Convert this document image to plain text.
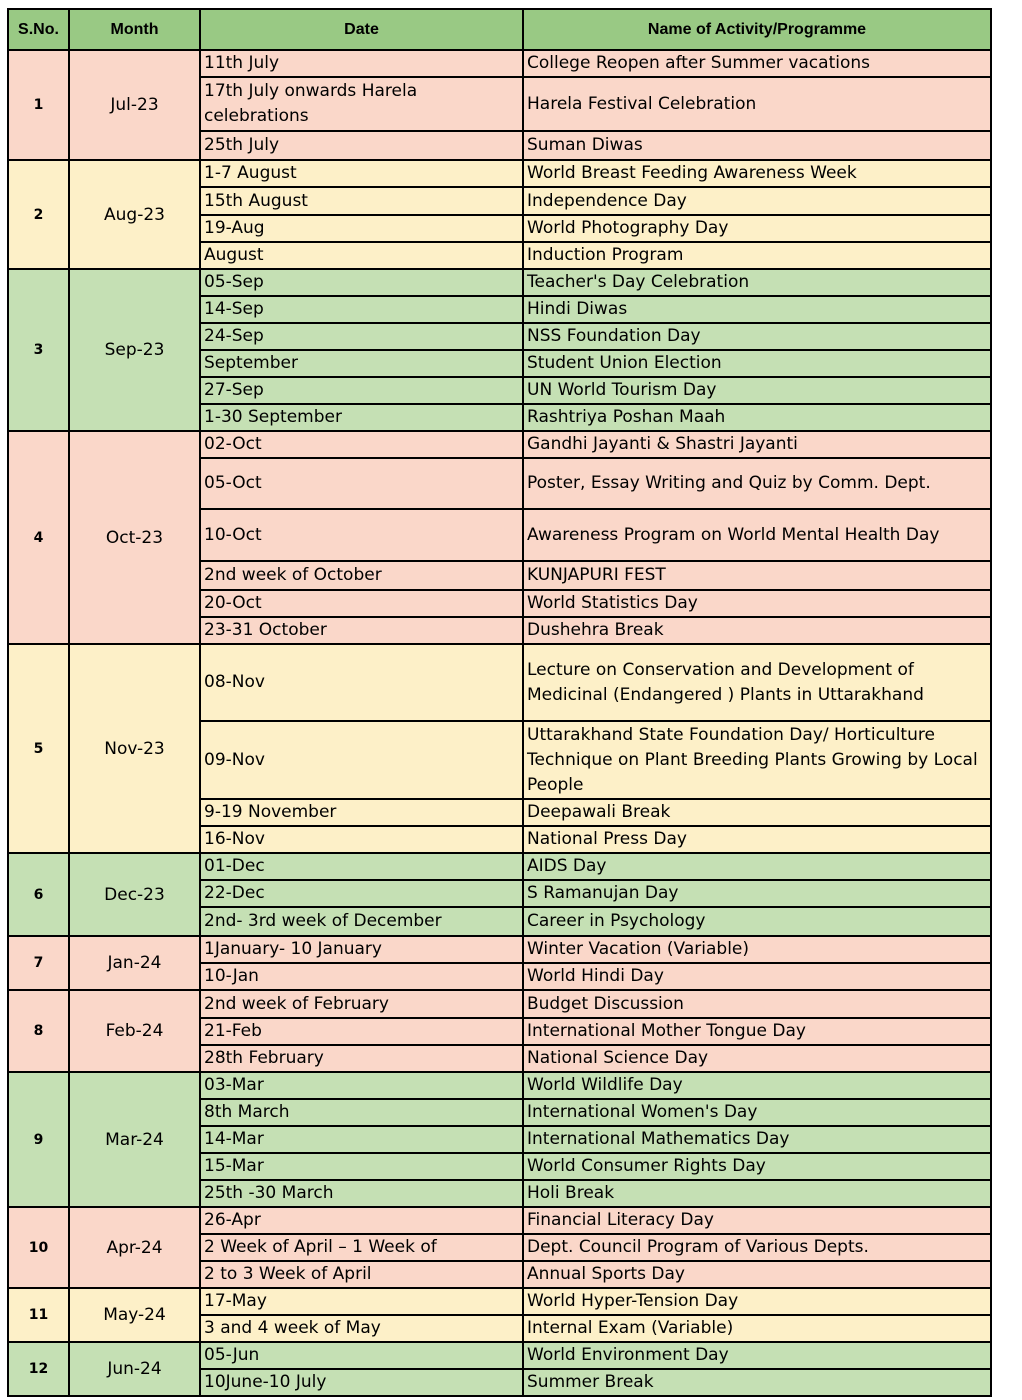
S.No.	Month	Date	Name of Activity/Programme
1	Jul-23	11th July	College Reopen after Summer vacations
		17th July onwards Harela celebrations	Harela Festival Celebration
		25th July	Suman Diwas
2	Aug-23	1-7 August	World Breast Feeding Awareness Week
		15th August	Independence Day
		19-Aug	World Photography Day
		August	Induction Program
3	Sep-23	05-Sep	Teacher's Day Celebration
		14-Sep	Hindi Diwas
		24-Sep	NSS Foundation Day
		September	Student Union Election
		27-Sep	UN World Tourism Day
		1-30 September	Rashtriya Poshan Maah
4	Oct-23	02-Oct	Gandhi Jayanti & Shastri Jayanti
		05-Oct	Poster, Essay Writing and Quiz by Comm. Dept.
		10-Oct	Awareness Program on World Mental Health Day
		2nd week of October	KUNJAPURI FEST
		20-Oct	World Statistics Day
		23-31 October	Dushehra Break
5	Nov-23	08-Nov	Lecture on Conservation and Development of Medicinal (Endangered ) Plants in Uttarakhand
		09-Nov	Uttarakhand State Foundation Day/ Horticulture Technique on Plant Breeding Plants Growing by Local People
		9-19 November	Deepawali Break
		16-Nov	National Press Day
6	Dec-23	01-Dec	AIDS Day
		22-Dec	S Ramanujan Day
		2nd- 3rd week of December	Career in Psychology
7	Jan-24	1January- 10 January	Winter Vacation (Variable)
		10-Jan	World Hindi Day
8	Feb-24	2nd week of February	Budget Discussion
		21-Feb	International Mother Tongue Day
		28th February	National Science Day
9	Mar-24	03-Mar	World Wildlife Day
		8th March	International Women's Day
		14-Mar	International Mathematics Day
		15-Mar	World Consumer Rights Day
		25th -30 March	Holi Break
10	Apr-24	26-Apr	Financial Literacy Day
		2 Week of April – 1 Week of	Dept. Council Program of Various Depts.
		2 to 3 Week of April	Annual Sports Day
11	May-24	17-May	World Hyper-Tension Day
		3 and 4 week of May	Internal Exam (Variable)
12	Jun-24	05-Jun	World Environment Day
		10June-10 July	Summer Break
